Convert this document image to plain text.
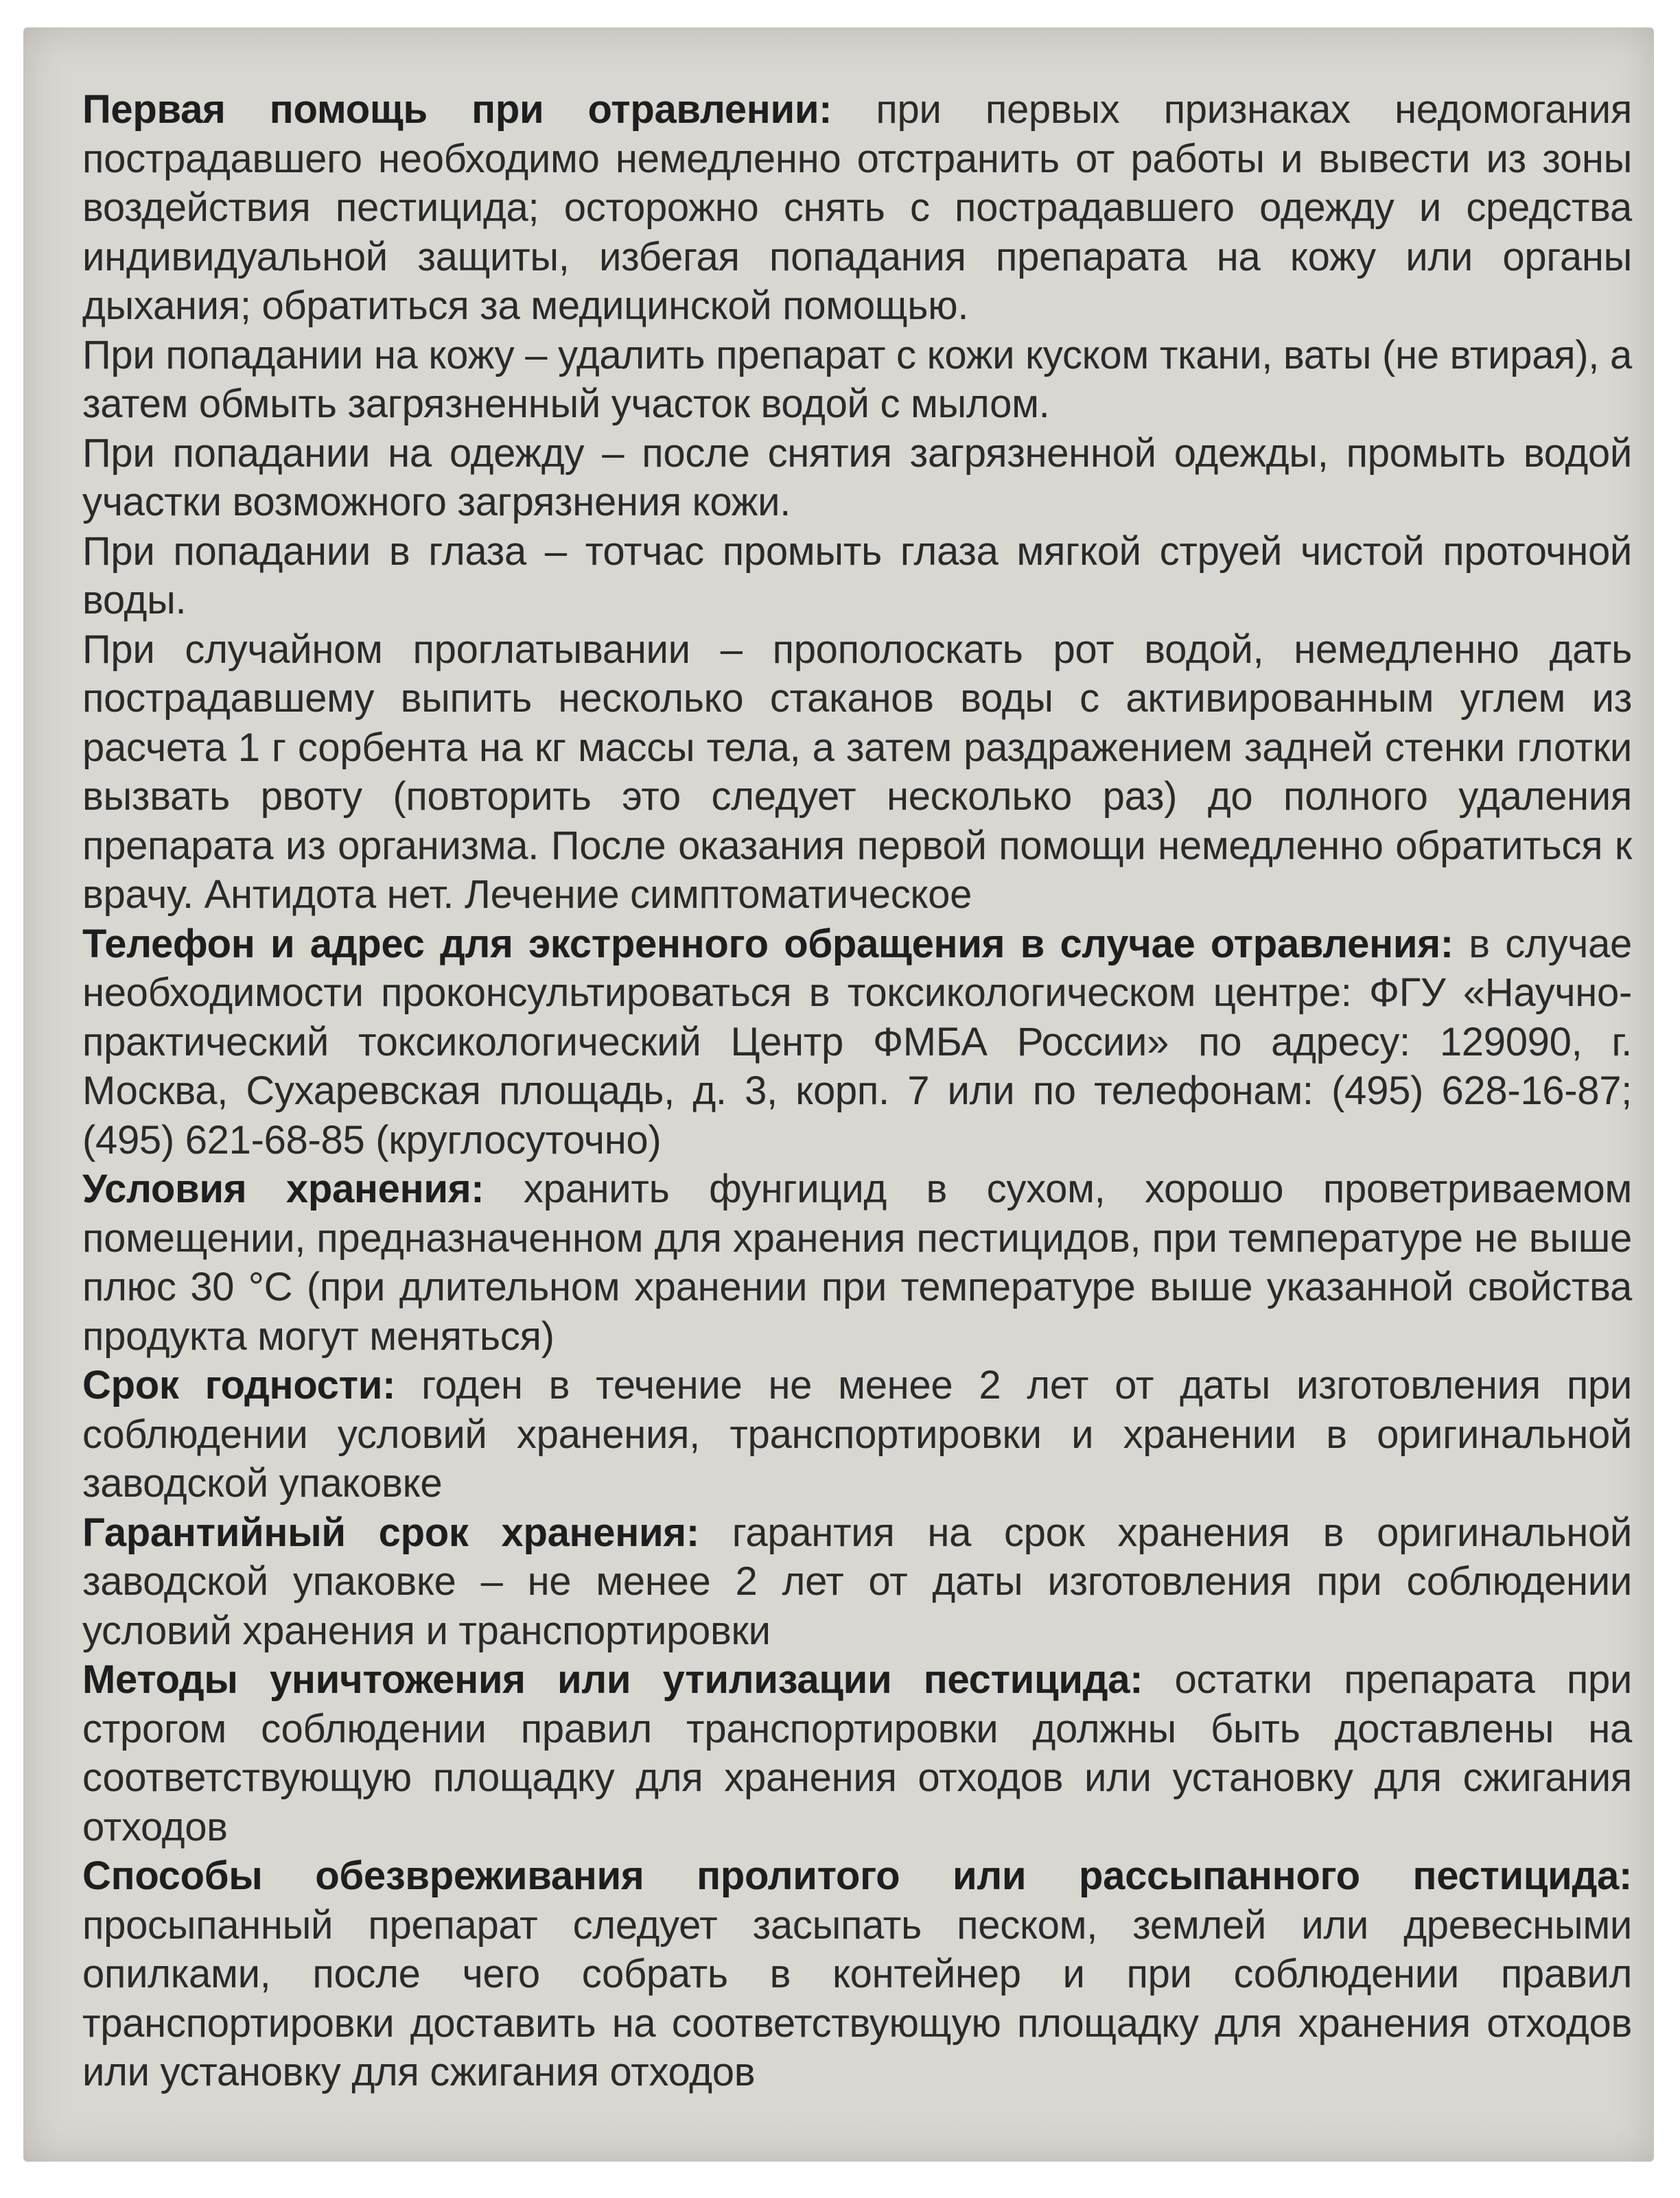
Первая помощь при отравлении: при первых признаках недомогания пострадавшего необходимо немедленно отстранить от работы и вывести из зоны воздействия пестицида; осторожно снять с пострадавшего одежду и средства индивидуальной защиты, избегая попадания препарата на кожу или органы дыхания; обратиться за медицинской помощью.

При попадании на кожу – удалить препарат с кожи куском ткани, ваты (не втирая), а затем обмыть загрязненный участок водой с мылом.

При попадании на одежду – после снятия загрязненной одежды, промыть водой участки возможного загрязнения кожи.

При попадании в глаза – тотчас промыть глаза мягкой струей чистой проточной воды.

При случайном проглатывании – прополоскать рот водой, немедленно дать пострадавшему выпить несколько стаканов воды с активированным углем из расчета 1 г сорбента на кг массы тела, а затем раздражением задней стенки глотки вызвать рвоту (повторить это следует несколько раз) до полного удаления препарата из организма. После оказания первой помощи немедленно обратиться к врачу. Антидота нет. Лечение симптоматическое

Телефон и адрес для экстренного обращения в случае отравления: в случае необходимости проконсультироваться в токсикологическом центре: ФГУ «Научно-практический токсикологический Центр ФМБА России» по адресу: 129090, г. Москва, Сухаревская площадь, д. 3, корп. 7 или по телефонам: (495) 628-16-87; (495) 621-68-85 (круглосуточно)

Условия хранения: хранить фунгицид в сухом, хорошо проветриваемом помещении, предназначенном для хранения пестицидов, при температуре не выше плюс 30 °С (при длительном хранении при температуре выше указанной свойства продукта могут меняться)

Срок годности: годен в течение не менее 2 лет от даты изготовления при соблюдении условий хранения, транспортировки и хранении в оригинальной заводской упаковке

Гарантийный срок хранения: гарантия на срок хранения в оригинальной заводской упаковке – не менее 2 лет от даты изготовления при соблюдении условий хранения и транспортировки

Методы уничтожения или утилизации пестицида: остатки препарата при строгом соблюдении правил транспортировки должны быть доставлены на соответствующую площадку для хранения отходов или установку для сжигания отходов

Способы обезвреживания пролитого или рассыпанного пестицида: просыпанный препарат следует засыпать песком, землей или древесными опилками, после чего собрать в контейнер и при соблюдении правил транспортировки доставить на соответствующую площадку для хранения отходов или установку для сжигания отходов
